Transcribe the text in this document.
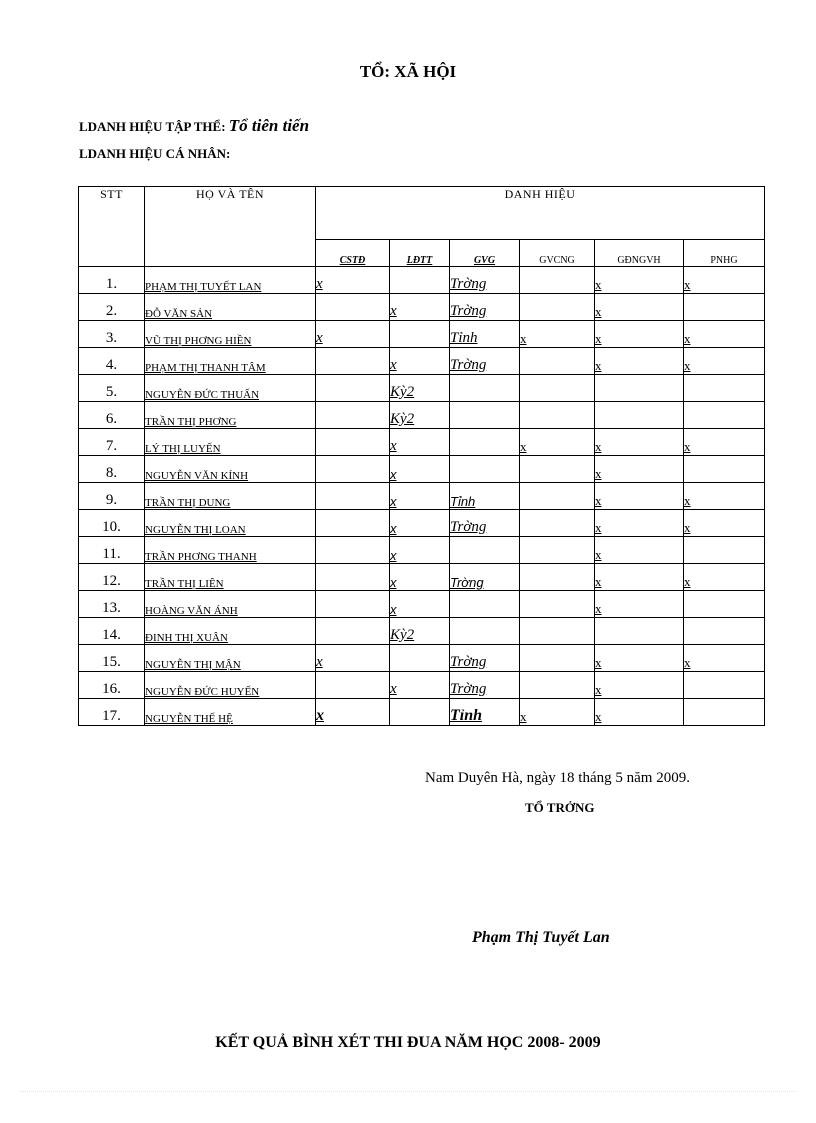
TỔ: XÃ HỘI
LDANH HIỆU TẬP THỂ: Tổ tiên tiến
LDANH HIỆU CÁ NHÂN:
STT	HỌ VÀ TÊN	DANH HIỆU					
		CSTĐ	LĐTT	GVG	GVCNG	GĐNGVH	PNHG
1.	PHẠM THỊ TUYẾT LAN	x		Trờng		x	x
2.	ĐỖ VĂN SẢN		x	Trờng		x	
3.	VŨ THỊ PHƠNG HIỀN	x		Tỉnh	x	x	x
4.	PHẠM THỊ THANH TÂM		x	Trờng		x	x
5.	NGUYỄN ĐỨC THUẤN		Kỳ2				
6.	TRẦN THỊ PHƠNG		Kỳ2				
7.	LÝ THỊ LUYẾN		x		x	x	x
8.	NGUYỄN VĂN KÍNH		x			x	
9.	TRẦN THỊ DUNG		x	Tỉnh		x	x
10.	NGUYỄN THỊ LOAN		x	Trờng		x	x
11.	TRẦN PHƠNG THANH		x			x	
12.	TRẦN THỊ LIÊN		x	Trờng		x	x
13.	HOÀNG VĂN ÁNH		x			x	
14.	ĐINH THỊ XUÂN		Kỳ2				
15.	NGUYỄN THỊ MẬN	x		Trờng		x	x
16.	NGUYỄN ĐỨC HUYẾN		x	Trờng		x	
17.	NGUYỄN THẾ HỆ	x		Tỉnh	x	x	
Nam Duyên Hà, ngày 18 tháng 5 năm 2009.
TỔ TRỞNG
Phạm Thị Tuyết Lan
KẾT QUẢ BÌNH XÉT THI ĐUA NĂM HỌC 2008- 2009
